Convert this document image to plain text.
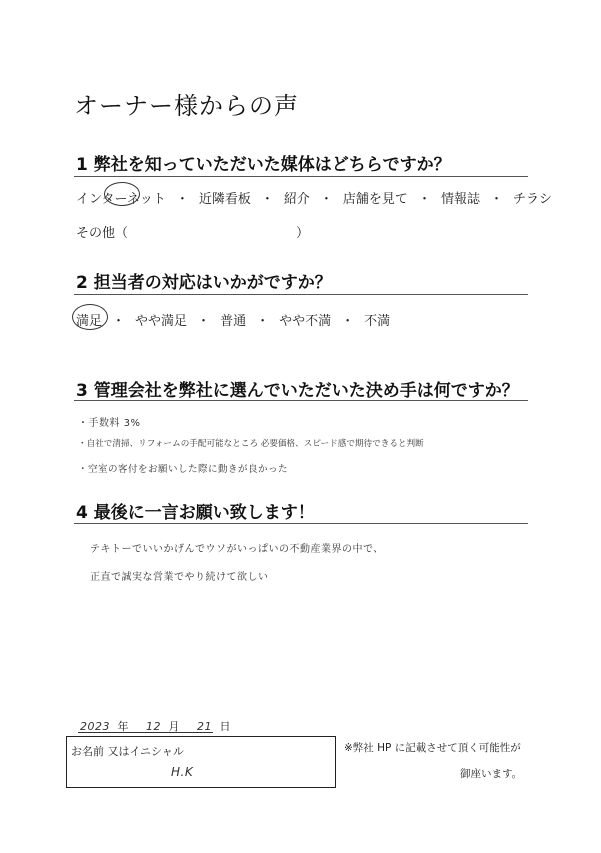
オーナー様からの声
1 弊社を知っていただいた媒体はどちらですか？
インターネット ・ 近隣看板 ・ 紹介 ・ 店舗を見て ・ 情報誌 ・ チラシ
その他（	）
2 担当者の対応はいかがですか？
満足 ・ やや満足 ・ 普通 ・ やや不満 ・ 不満
3 管理会社を弊社に選んでいただいた決め手は何ですか？
・手数料 3%
・自社で清掃、リフォームの手配可能なところ 必要価格、スピード感で期待できると判断
・空室の客付をお願いした際に動きが良かった
4 最後に一言お願い致します！
テキトーでいいかげんでウソがいっぱいの不動産業界の中で、
正直で誠実な営業でやり続けて欲しい
2023 年 12 月 21 日
お名前 又はイニシャル
H.K
※弊社 HP に記載させて頂く可能性が
御座います。
